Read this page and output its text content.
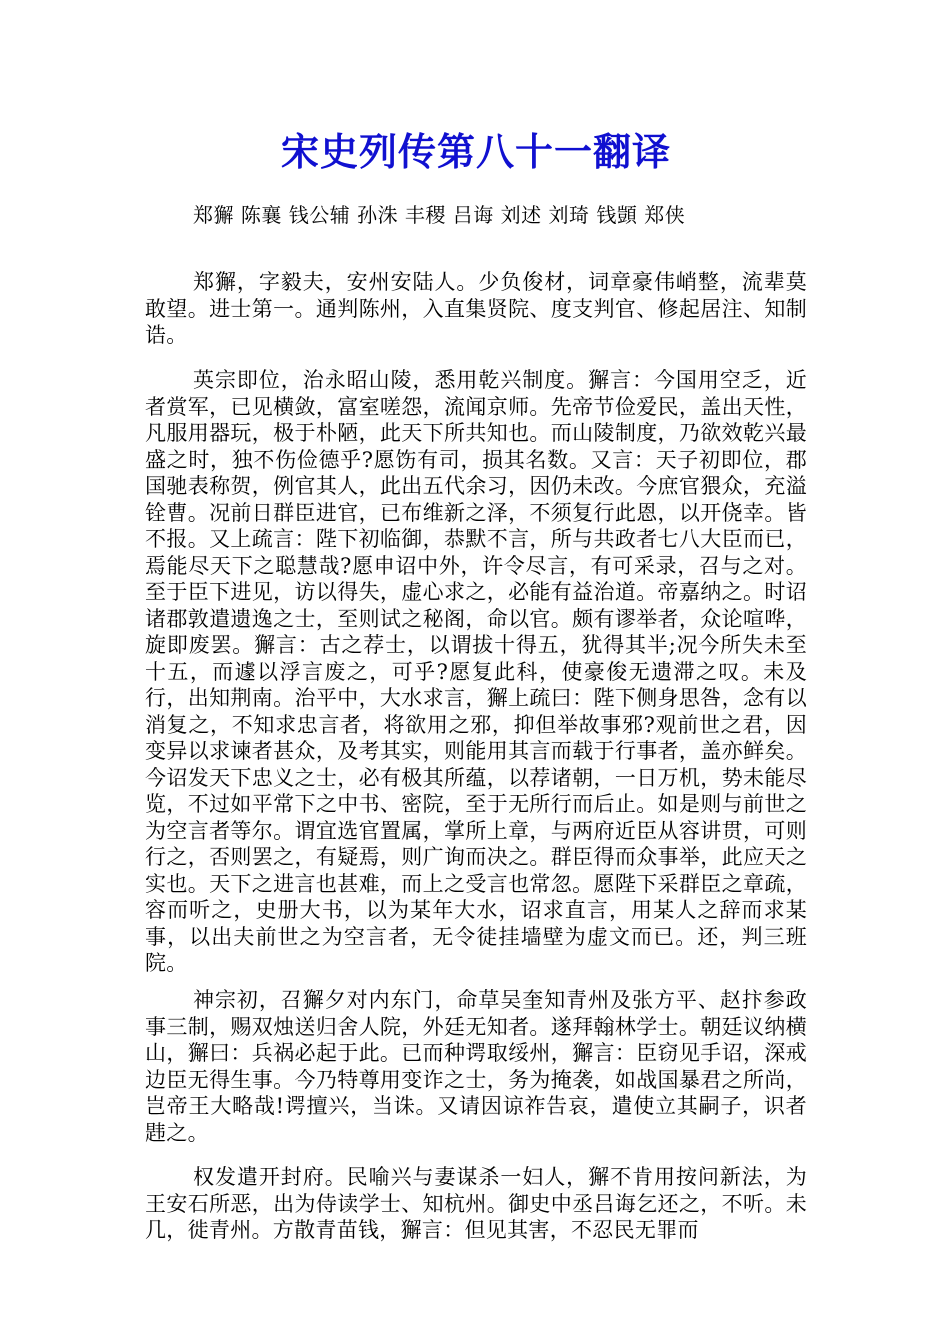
宋史列传第八十一翻译
郑獬 陈襄 钱公辅 孙洙 丰稷 吕诲 刘述 刘琦 钱顗 郑侠

郑獬，字毅夫，安州安陆人。少负俊材，词章豪伟峭整，流辈莫敢望。进士第一。通判陈州，入直集贤院、度支判官、修起居注、知制诰。

英宗即位，治永昭山陵，悉用乾兴制度。獬言：今国用空乏，近者赏军，已见横敛，富室嗟怨，流闻京师。先帝节俭爱民，盖出天性，凡服用器玩，极于朴陋，此天下所共知也。而山陵制度，乃欲效乾兴最盛之时，独不伤俭德乎?愿饬有司，损其名数。又言：天子初即位，郡国驰表称贺，例官其人，此出五代余习，因仍未改。今庶官猥众，充溢铨曹。况前日群臣进官，已布维新之泽，不须复行此恩，以开侥幸。皆不报。又上疏言：陛下初临御，恭默不言，所与共政者七八大臣而已，焉能尽天下之聪慧哉?愿申诏中外，许令尽言，有可采录，召与之对。至于臣下进见，访以得失，虚心求之，必能有益治道。帝嘉纳之。时诏诸郡敦遣遗逸之士，至则试之秘阁，命以官。颇有谬举者，众论喧哗，旋即废罢。獬言：古之荐士，以谓拔十得五，犹得其半;况今所失未至十五，而遽以浮言废之，可乎?愿复此科，使豪俊无遗滞之叹。未及行，出知荆南。治平中，大水求言，獬上疏曰：陛下侧身思咎，念有以消复之，不知求忠言者，将欲用之邪，抑但举故事邪?观前世之君，因变异以求谏者甚众，及考其实，则能用其言而载于行事者，盖亦鲜矣。今诏发天下忠义之士，必有极其所蕴，以荐诸朝，一日万机，势未能尽览，不过如平常下之中书、密院，至于无所行而后止。如是则与前世之为空言者等尔。谓宜选官置属，掌所上章，与两府近臣从容讲贯，可则行之，否则罢之，有疑焉，则广询而决之。群臣得而众事举，此应天之实也。天下之进言也甚难，而上之受言也常忽。愿陛下采群臣之章疏，容而听之，史册大书，以为某年大水，诏求直言，用某人之辞而求某事，以出夫前世之为空言者，无令徒挂墙壁为虚文而已。还，判三班院。

神宗初，召獬夕对内东门，命草吴奎知青州及张方平、赵抃参政事三制，赐双烛送归舍人院，外廷无知者。遂拜翰林学士。朝廷议纳横山，獬曰：兵祸必起于此。已而种谔取绥州，獬言：臣窃见手诏，深戒边臣无得生事。今乃特尊用变诈之士，务为掩袭，如战国暴君之所尚，岂帝王大略哉!谔擅兴，当诛。又请因谅祚告哀，遣使立其嗣子，识者韪之。

权发遣开封府。民喻兴与妻谋杀一妇人，獬不肯用按问新法，为王安石所恶，出为侍读学士、知杭州。御史中丞吕诲乞还之，不听。未几，徙青州。方散青苗钱，獬言：但见其害，不忍民无罪而
